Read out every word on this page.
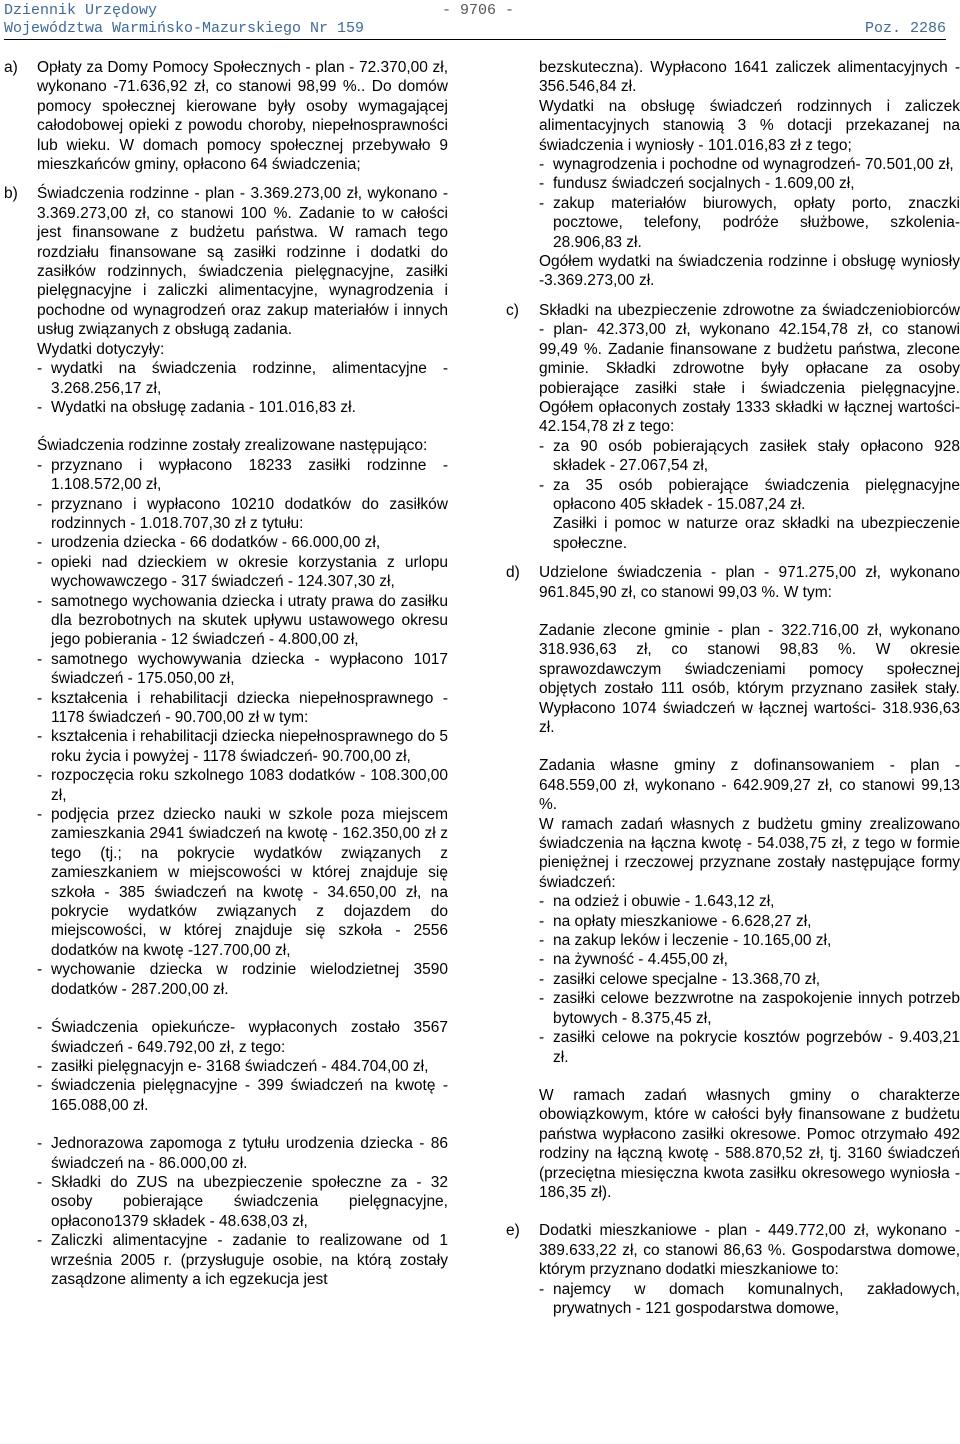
Dziennik Urzędowy	- 9706 -
Województwa Warmińsko-Mazurskiego Nr 159	Poz. 2286
a)	Opłaty za Domy Pomocy Społecznych - plan - 72.370,00 zł, wykonano -71.636,92 zł, co stanowi 98,99 %.. Do domów pomocy społecznej kierowane były osoby wymagającej całodobowej opieki z powodu choroby, niepełnosprawności lub wieku. W domach pomocy społecznej przebywało 9 mieszkańców gminy, opłacono 64 świadczenia;

b)	Świadczenia rodzinne - plan - 3.369.273,00 zł, wykonano - 3.369.273,00 zł, co stanowi 100 %. Zadanie to w całości jest finansowane z budżetu państwa. W ramach tego rozdziału finansowane są zasiłki rodzinne i dodatki do zasiłków rodzinnych, świadczenia pielęgnacyjne, zasiłki pielęgnacyjne i zaliczki alimentacyjne, wynagrodzenia i pochodne od wynagrodzeń oraz zakup materiałów i innych usług związanych z obsługą zadania.

Wydatki dotyczyły:

- wydatki na świadczenia rodzinne, alimentacyjne - 3.268.256,17 zł,

- Wydatki na obsługę zadania - 101.016,83 zł.

Świadczenia rodzinne zostały zrealizowane następująco:

- przyznano i wypłacono 18233 zasiłki rodzinne - 1.108.572,00 zł,

- przyznano i wypłacono 10210 dodatków do zasiłków rodzinnych - 1.018.707,30 zł z tytułu:

- urodzenia dziecka - 66 dodatków - 66.000,00 zł,

- opieki nad dzieckiem w okresie korzystania z urlopu wychowawczego - 317 świadczeń - 124.307,30 zł,

- samotnego wychowania dziecka i utraty prawa do zasiłku dla bezrobotnych na skutek upływu ustawowego okresu jego pobierania - 12 świadczeń - 4.800,00 zł,

- samotnego wychowywania dziecka - wypłacono 1017 świadczeń - 175.050,00 zł,

- kształcenia i rehabilitacji dziecka niepełnosprawnego - 1178 świadczeń - 90.700,00 zł w tym:

- kształcenia i rehabilitacji dziecka niepełnosprawnego do 5 roku życia i powyżej - 1178 świadczeń- 90.700,00 zł,

- rozpoczęcia roku szkolnego 1083 dodatków - 108.300,00 zł,

- podjęcia przez dziecko nauki w szkole poza miejscem zamieszkania 2941 świadczeń na kwotę - 162.350,00 zł z tego (tj.; na pokrycie wydatków związanych z zamieszkaniem w miejscowości w której znajduje się szkoła - 385 świadczeń na kwotę - 34.650,00 zł, na pokrycie wydatków związanych z dojazdem do miejscowości, w której znajduje się szkoła - 2556 dodatków na kwotę -127.700,00 zł,

- wychowanie dziecka w rodzinie wielodzietnej 3590 dodatków - 287.200,00 zł.

- Świadczenia opiekuńcze- wypłaconych zostało 3567 świadczeń - 649.792,00 zł, z tego:

- zasiłki pielęgnacyjn e- 3168 świadczeń - 484.704,00 zł,

- świadczenia pielęgnacyjne - 399 świadczeń na kwotę - 165.088,00 zł.

- Jednorazowa zapomoga z tytułu urodzenia dziecka - 86 świadczeń na - 86.000,00 zł.

- Składki do ZUS na ubezpieczenie społeczne za - 32 osoby pobierające świadczenia pielęgnacyjne, opłacono1379 składek - 48.638,03 zł,

- Zaliczki alimentacyjne - zadanie to realizowane od 1 września 2005 r. (przysługuje osobie, na którą zostały zasądzone alimenty a ich egzekucja jest

bezskuteczna). Wypłacono 1641 zaliczek alimentacyjnych - 356.546,84 zł.

Wydatki na obsługę świadczeń rodzinnych i zaliczek alimentacyjnych stanowią 3 % dotacji przekazanej na świadczenia i wyniosły - 101.016,83 zł z tego;

- wynagrodzenia i pochodne od wynagrodzeń- 70.501,00 zł,

- fundusz świadczeń socjalnych - 1.609,00 zł,

- zakup materiałów biurowych, opłaty porto, znaczki pocztowe, telefony, podróże służbowe, szkolenia- 28.906,83 zł.

Ogółem wydatki na świadczenia rodzinne i obsługę wyniosły -3.369.273,00 zł.

c)	Składki na ubezpieczenie zdrowotne za świadczeniobiorców - plan- 42.373,00 zł, wykonano 42.154,78 zł, co stanowi 99,49 %. Zadanie finansowane z budżetu państwa, zlecone gminie. Składki zdrowotne były opłacane za osoby pobierające zasiłki stałe i świadczenia pielęgnacyjne. Ogółem opłaconych zostały 1333 składki w łącznej wartości- 42.154,78 zł z tego:

- za 90 osób pobierających zasiłek stały opłacono 928 składek - 27.067,54 zł,

- za 35 osób pobierające świadczenia pielęgnacyjne opłacono 405 składek - 15.087,24 zł.

Zasiłki i pomoc w naturze oraz składki na ubezpieczenie społeczne.

d)	Udzielone świadczenia - plan - 971.275,00 zł, wykonano 961.845,90 zł, co stanowi 99,03 %. W tym:

Zadanie zlecone gminie - plan - 322.716,00 zł, wykonano 318.936,63 zł, co stanowi 98,83 %. W okresie sprawozdawczym świadczeniami pomocy społecznej objętych zostało 111 osób, którym przyznano zasiłek stały. Wypłacono 1074 świadczeń w łącznej wartości- 318.936,63 zł.

Zadania własne gminy z dofinansowaniem - plan - 648.559,00 zł, wykonano - 642.909,27 zł, co stanowi 99,13 %.

W ramach zadań własnych z budżetu gminy zrealizowano świadczenia na łączna kwotę - 54.038,75 zł, z tego w formie pieniężnej i rzeczowej przyznane zostały następujące formy świadczeń:

- na odzież i obuwie - 1.643,12 zł,

- na opłaty mieszkaniowe - 6.628,27 zł,

- na zakup leków i leczenie - 10.165,00 zł,

- na żywność - 4.455,00 zł,

- zasiłki celowe specjalne - 13.368,70 zł,

- zasiłki celowe bezzwrotne na zaspokojenie innych potrzeb bytowych - 8.375,45 zł,

- zasiłki celowe na pokrycie kosztów pogrzebów - 9.403,21 zł.

W ramach zadań własnych gminy o charakterze obowiązkowym, które w całości były finansowane z budżetu państwa wypłacono zasiłki okresowe. Pomoc otrzymało 492 rodziny na łączną kwotę - 588.870,52 zł, tj. 3160 świadczeń (przeciętna miesięczna kwota zasiłku okresowego wyniosła - 186,35 zł).

e)	Dodatki mieszkaniowe - plan - 449.772,00 zł, wykonano - 389.633,22 zł, co stanowi 86,63 %. Gospodarstwa domowe, którym przyznano dodatki mieszkaniowe to:

- najemcy w domach komunalnych, zakładowych, prywatnych - 121 gospodarstwa domowe,
